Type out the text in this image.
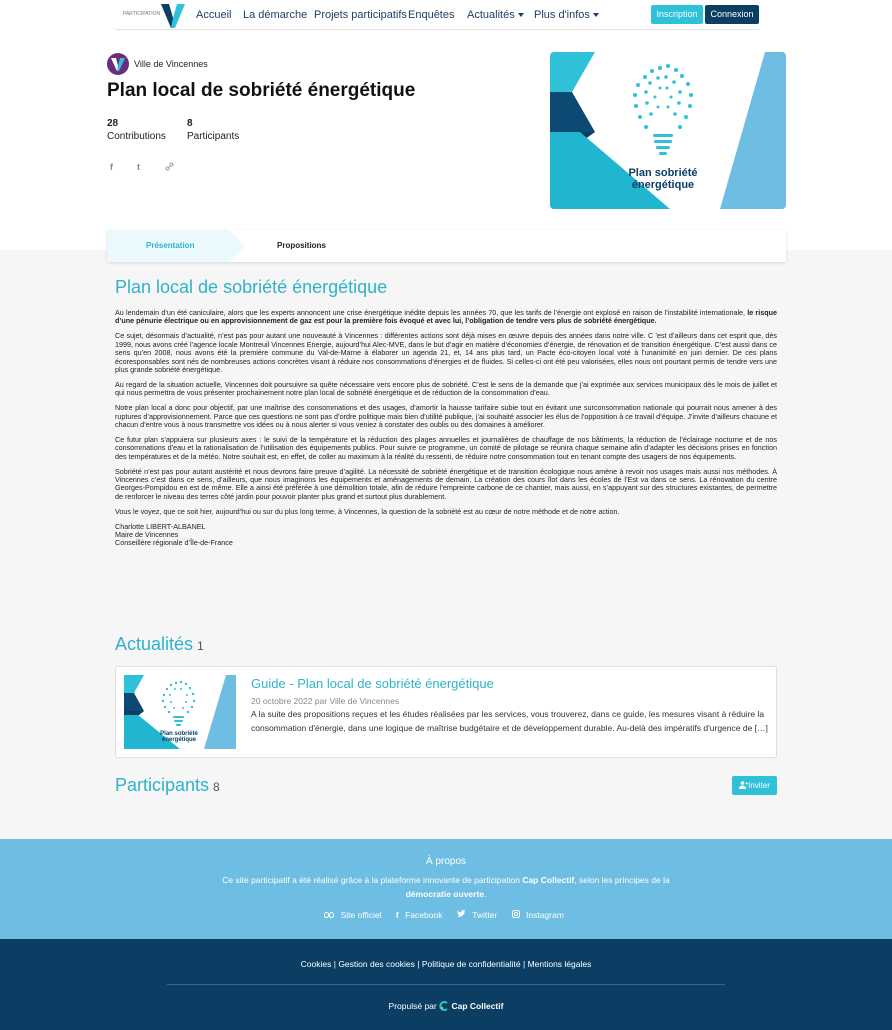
PARTICIPATION	Accueil La démarche Projets participatifs Enquêtes Actualités	Plus d'infos	Inscription	Connexion
Ville de Vincennes
Plan local de sobriété énergétique
28
Contributions
8
Participants
f	t	Plan sobriété
énergétique
Présentation	Propositions
Plan local de sobriété énergétique

Au lendemain d’un été caniculaire, alors que les experts annoncent une crise énergétique inédite depuis les années 70, que les tarifs de l’énergie ont explosé en raison de l’instabilité internationale, le risque d’une pénurie électrique ou en approvisionnement de gaz est pour la première fois évoqué et avec lui, l’obligation de tendre vers plus de sobriété énergétique.

Ce sujet, désormais d’actualité, n’est pas pour autant une nouveauté à Vincennes : différentes actions sont déjà mises en œuvre depuis des années dans notre ville. C ’est d’ailleurs dans cet esprit que, dès 1999, nous avons créé l’agence locale Montreuil Vincennes Energie, aujourd’hui Alec-MVE, dans le but d’agir en matière d’économies d’énergie, de rénovation et de transition énergétique. C’est aussi dans ce sens qu’en 2008, nous avons été la première commune du Val-de-Marne à élaborer un agenda 21, et, 14 ans plus tard, un Pacte éco-citoyen local voté à l’unanimité en juin dernier. De ces plans écoresponsables sont nés de nombreuses actions concrètes visant à réduire nos consommations d’énergies et de fluides. Si celles-ci ont été peu valorisées, elles nous ont pourtant permis de tendre vers une plus grande sobriété énergétique.

Au regard de la situation actuelle, Vincennes doit poursuivre sa quête nécessaire vers encore plus de sobriété. C’est le sens de la demande que j’ai exprimée aux services municipaux dès le mois de juillet et qui nous permettra de vous présenter prochainement notre plan local de sobriété énergétique et de réduction de la consommation d’eau.

Notre plan local a donc pour objectif, par une maîtrise des consommations et des usages, d’amortir la hausse tarifaire subie tout en évitant une surconsommation nationale qui pourrait nous amener à des ruptures d’approvisionnement. Parce que ces questions ne sont pas d’ordre politique mais bien d’utilité publique, j’ai souhaité associer les élus de l’opposition à ce travail d’équipe. J’invite d’ailleurs chacune et chacun d’entre vous à nous transmettre vos idées ou à nous alerter si vous veniez à constater des oublis ou des domaines à améliorer.

Ce futur plan s’appuiera sur plusieurs axes : le suivi de la température et la réduction des plages annuelles et journalières de chauffage de nos bâtiments, la réduction de l’éclairage nocturne et de nos consommations d’eau et la rationalisation de l’utilisation des équipements publics. Pour suivre ce programme, un comité de pilotage se réunira chaque semaine afin d’adapter les décisions prises en fonction des températures et de la météo. Notre souhait est, en effet, de coller au maximum à la réalité du ressenti, de réduire notre consommation tout en tenant compte des usagers de nos équipements.

Sobriété n’est pas pour autant austérité et nous devrons faire preuve d’agilité. La nécessité de sobriété énergétique et de transition écologique nous amène à revoir nos usages mais aussi nos méthodes. À Vincennes c’est dans ce sens, d’ailleurs, que nous imaginons les équipements et aménagements de demain. La création des cours îlot dans les écoles de l’Est va dans ce sens. La rénovation du centre Georges-Pompidou en est de même. Elle a ainsi été préférée à une démolition totale, afin de réduire l’empreinte carbone de ce chantier, mais aussi, en s’appuyant sur des structures existantes, de permettre de renforcer le niveau des terres côté jardin pour pouvoir planter plus grand et surtout plus durablement.

Vous le voyez, que ce soit hier, aujourd’hui ou sur du plus long terme, à Vincennes, la question de la sobriété est au cœur de notre méthode et de notre action.

Charlotte LIBERT-ALBANEL

Maire de Vincennes

Conseillère régionale d’Île-de-France

Actualités 1
Plan sobriété
énergétique
Guide - Plan local de sobriété énergétique
20 octobre 2022 par Ville de Vincennes
A la suite des propositions reçues et les études réalisées par les services, vous trouverez, dans ce guide, les mesures visant à réduire la consommation d'énergie, dans une logique de maîtrise budgétaire et de développement durable. Au-delà des impératifs d'urgence de […]
Participants 8	Inviter
À propos
Ce site participatif a été réalisé grâce à la plateforme innovante de participation Cap Collectif, selon les principes de la
démocratie ouverte.
Site officiel f Facebook	Twitter	Instagram
Cookies | Gestion des cookies | Politique de confidentialité | Mentions légales
Propulsé par Cap Collectif
